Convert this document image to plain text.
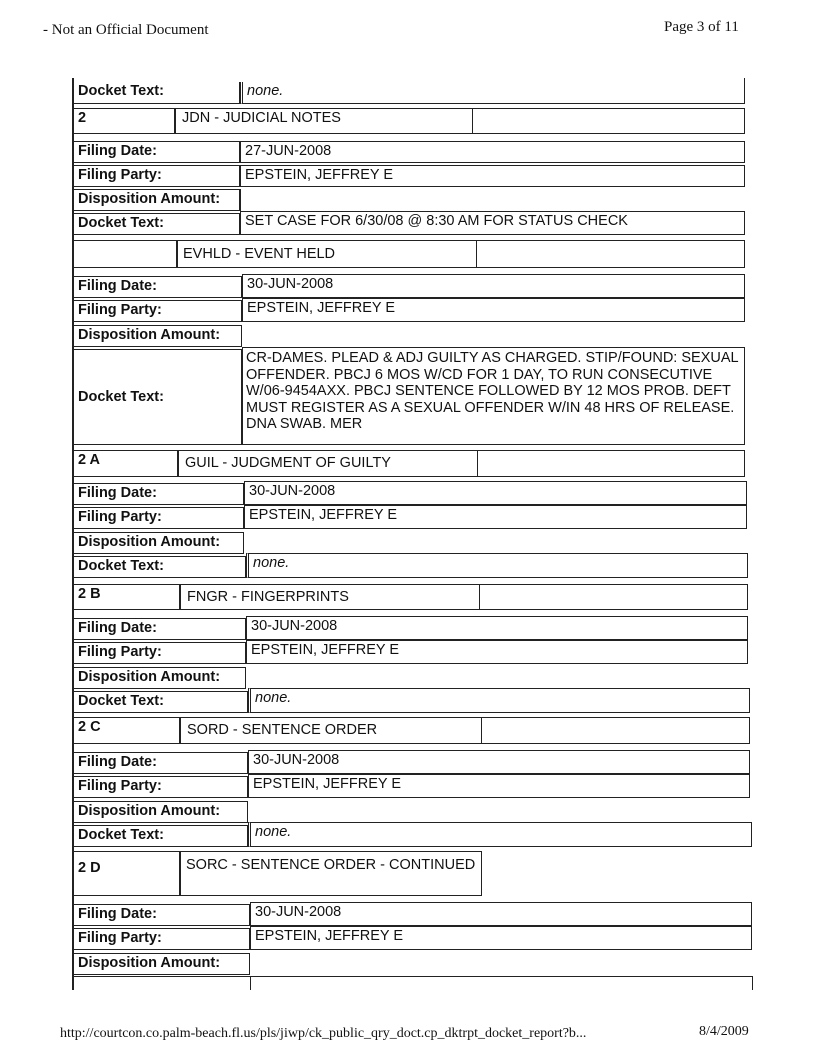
- Not an Official Document	Page 3 of 11
Docket Text:	none.
2	JDN - JUDICIAL NOTES
Filing Date:	27-JUN-2008
Filing Party:	EPSTEIN, JEFFREY E
Disposition Amount:
Docket Text:	SET CASE FOR 6/30/08 @ 8:30 AM FOR STATUS CHECK
EVHLD - EVENT HELD
Filing Date:	30-JUN-2008
Filing Party:	EPSTEIN, JEFFREY E
Disposition Amount:
Docket Text:
CR-DAMES. PLEAD & ADJ GUILTY AS CHARGED. STIP/FOUND: SEXUAL OFFENDER. PBCJ 6 MOS W/CD FOR 1 DAY, TO RUN CONSECUTIVE W/06-9454AXX. PBCJ SENTENCE FOLLOWED BY 12 MOS PROB. DEFT MUST REGISTER AS A SEXUAL OFFENDER W/IN 48 HRS OF RELEASE. DNA SWAB. MER
2 A	GUIL - JUDGMENT OF GUILTY
Filing Date:	30-JUN-2008
Filing Party:	EPSTEIN, JEFFREY E
Disposition Amount:
Docket Text:	none.
2 B	FNGR - FINGERPRINTS
Filing Date:	30-JUN-2008
Filing Party:	EPSTEIN, JEFFREY E
Disposition Amount:
Docket Text:	none.
2 C	SORD - SENTENCE ORDER
Filing Date:	30-JUN-2008
Filing Party:	EPSTEIN, JEFFREY E
Disposition Amount:
Docket Text:	none.
2 D	SORC - SENTENCE ORDER - CONTINUED
Filing Date:	30-JUN-2008
Filing Party:	EPSTEIN, JEFFREY E
Disposition Amount:
http://courtcon.co.palm-beach.fl.us/pls/jiwp/ck_public_qry_doct.cp_dktrpt_docket_report?b...	8/4/2009
